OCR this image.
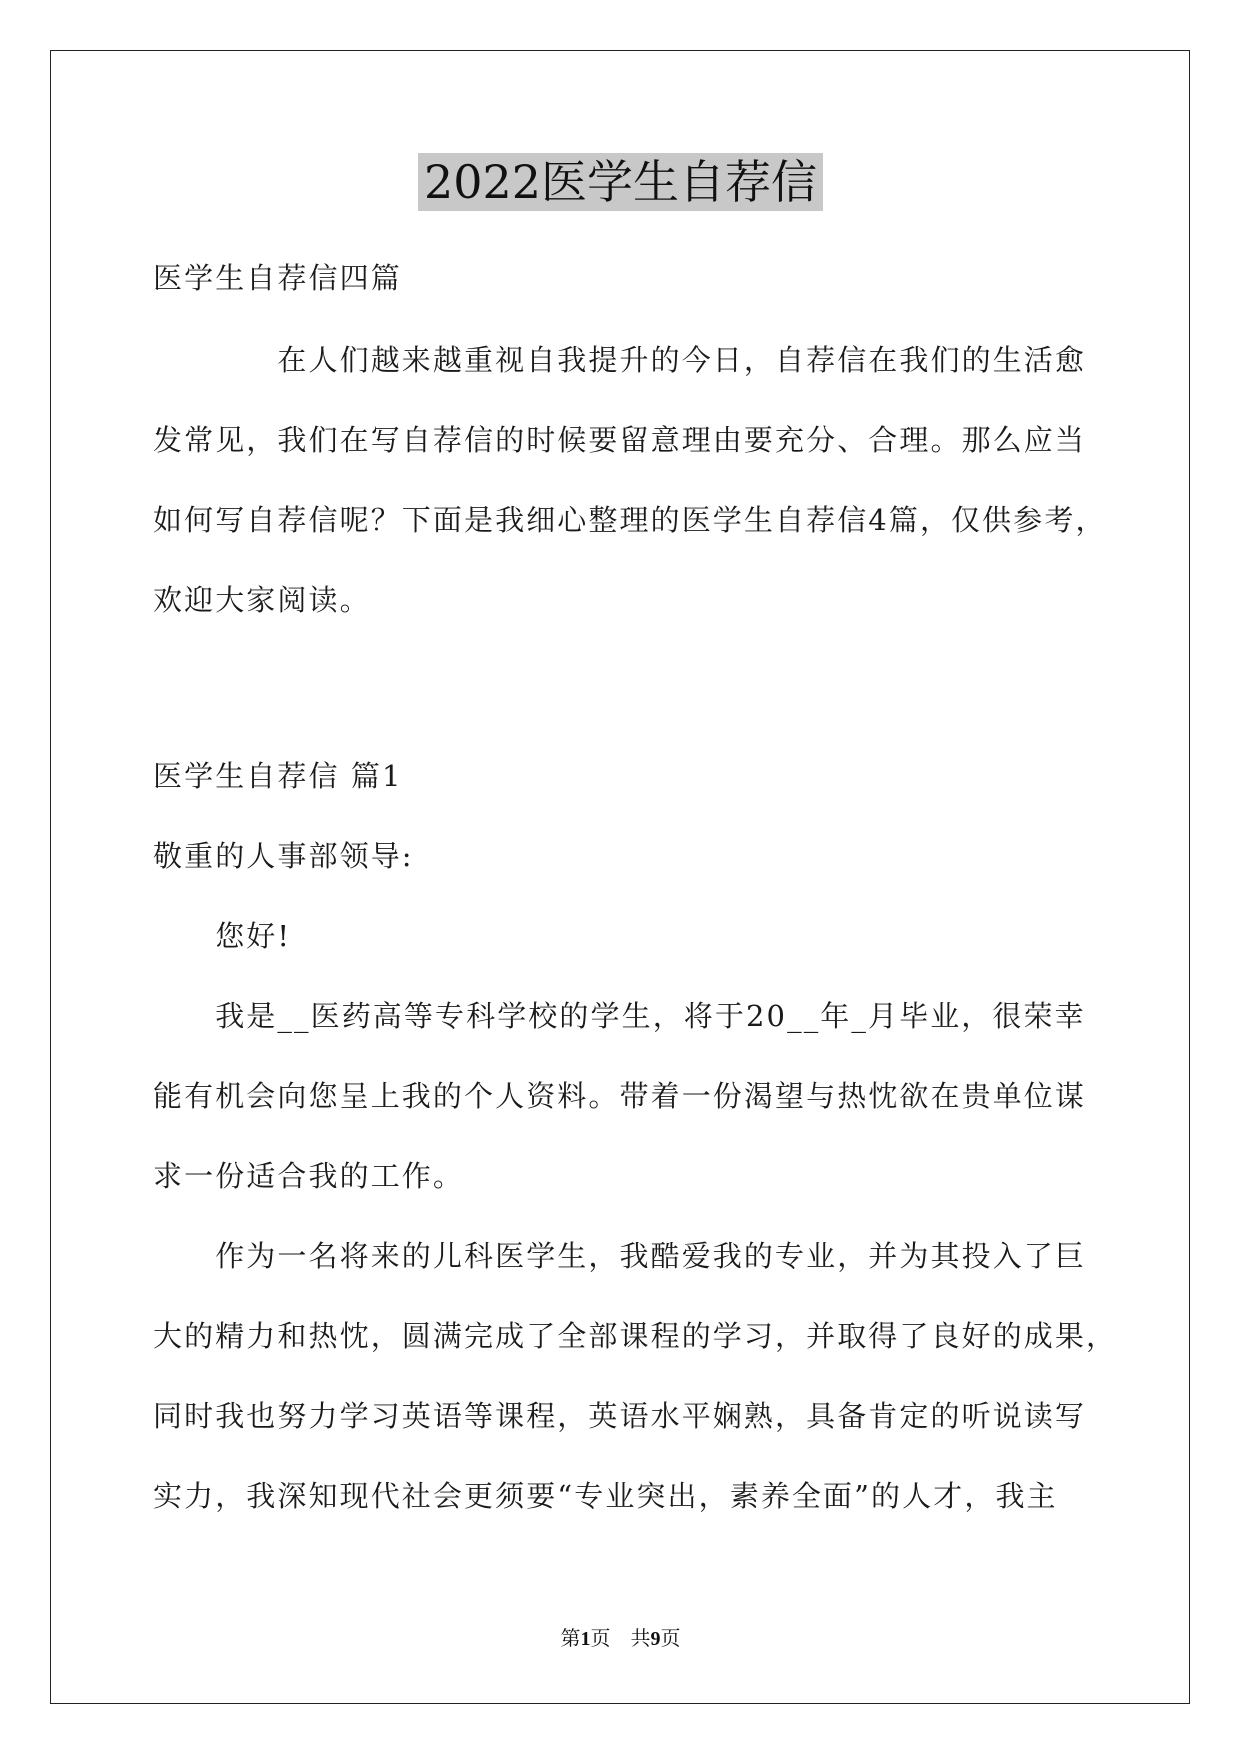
2022医学生自荐信
医学生自荐信四篇
　　　　在人们越来越重视自我提升的今日，自荐信在我们的生活愈
发常见，我们在写自荐信的时候要留意理由要充分、合理。那么应当
如何写自荐信呢？下面是我细心整理的医学生自荐信4篇，仅供参考，
欢迎大家阅读。
医学生自荐信 篇1
敬重的人事部领导:
　　您好!
　　我是__医药高等专科学校的学生，将于20__年_月毕业，很荣幸
能有机会向您呈上我的个人资料。带着一份渴望与热忱欲在贵单位谋
求一份适合我的工作。
　　作为一名将来的儿科医学生，我酷爱我的专业，并为其投入了巨
大的精力和热忱，圆满完成了全部课程的学习，并取得了良好的成果，
同时我也努力学习英语等课程，英语水平娴熟，具备肯定的听说读写
实力，我深知现代社会更须要“专业突出，素养全面”的人才，我主
第1页　共9页
